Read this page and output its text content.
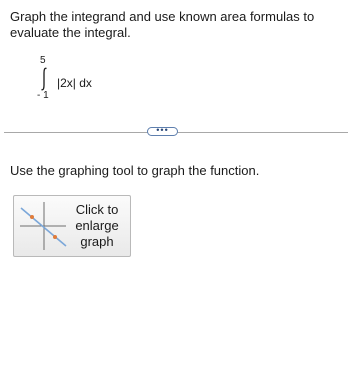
Graph the integrand and use known area formulas to evaluate the integral.
5
|2x| dx
- 1
•••
Use the graphing tool to graph the function.
Click to
enlarge
graph
